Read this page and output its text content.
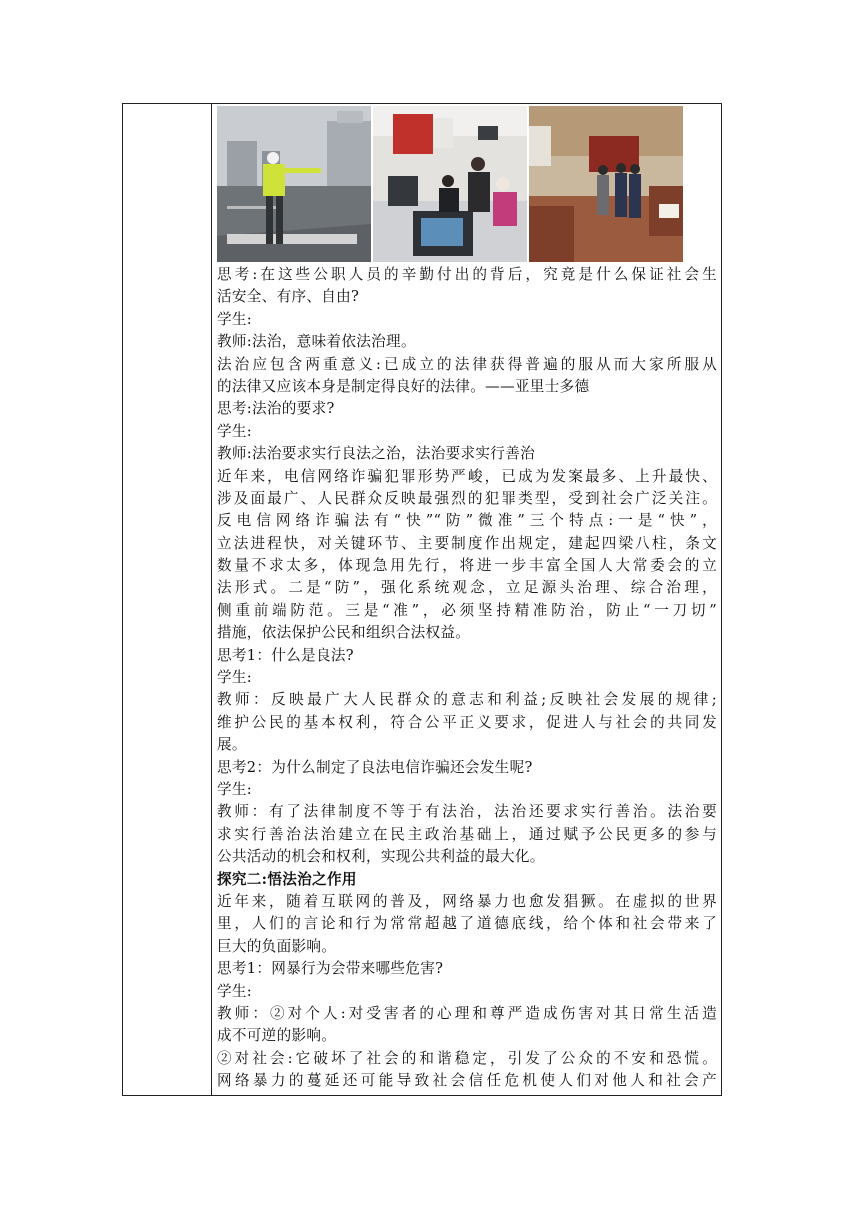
思考:在这些公职人员的辛勤付出的背后，究竟是什么保证社会生
活安全、有序、自由?
学生:
教师:法治，意味着依法治理。
法治应包含两重意义:已成立的法律获得普遍的服从而大家所服从
的法律又应该本身是制定得良好的法律。——亚里士多德
思考:法治的要求?
学生:
教师:法治要求实行良法之治，法治要求实行善治
近年来，电信网络诈骗犯罪形势严峻，已成为发案最多、上升最快、
涉及面最广、人民群众反映最强烈的犯罪类型，受到社会广泛关注。
反电信网络诈骗法有“快”“防”微准”三个特点:一是“快”，
立法进程快，对关键环节、主要制度作出规定，建起四梁八柱，条文
数量不求太多，体现急用先行，将进一步丰富全国人大常委会的立
法形式。二是“防”，强化系统观念，立足源头治理、综合治理，
侧重前端防范。三是“准”，必须坚持精准防治，防止“一刀切”
措施，依法保护公民和组织合法权益。
思考1：什么是良法?
学生:
教师：反映最广大人民群众的意志和利益;反映社会发展的规律;
维护公民的基本权利，符合公平正义要求，促进人与社会的共同发
展。
思考2：为什么制定了良法电信诈骗还会发生呢?
学生:
教师：有了法律制度不等于有法治，法治还要求实行善治。法治要
求实行善治法治建立在民主政治基础上，通过赋予公民更多的参与
公共活动的机会和权利，实现公共利益的最大化。
探究二:悟法治之作用
近年来，随着互联网的普及，网络暴力也愈发猖獗。在虚拟的世界
里，人们的言论和行为常常超越了道德底线，给个体和社会带来了
巨大的负面影响。
思考1：网暴行为会带来哪些危害?
学生:
教师：②对个人:对受害者的心理和尊严造成伤害对其日常生活造
成不可逆的影响。
②对社会:它破坏了社会的和谐稳定，引发了公众的不安和恐慌。
网络暴力的蔓延还可能导致社会信任危机使人们对他人和社会产
